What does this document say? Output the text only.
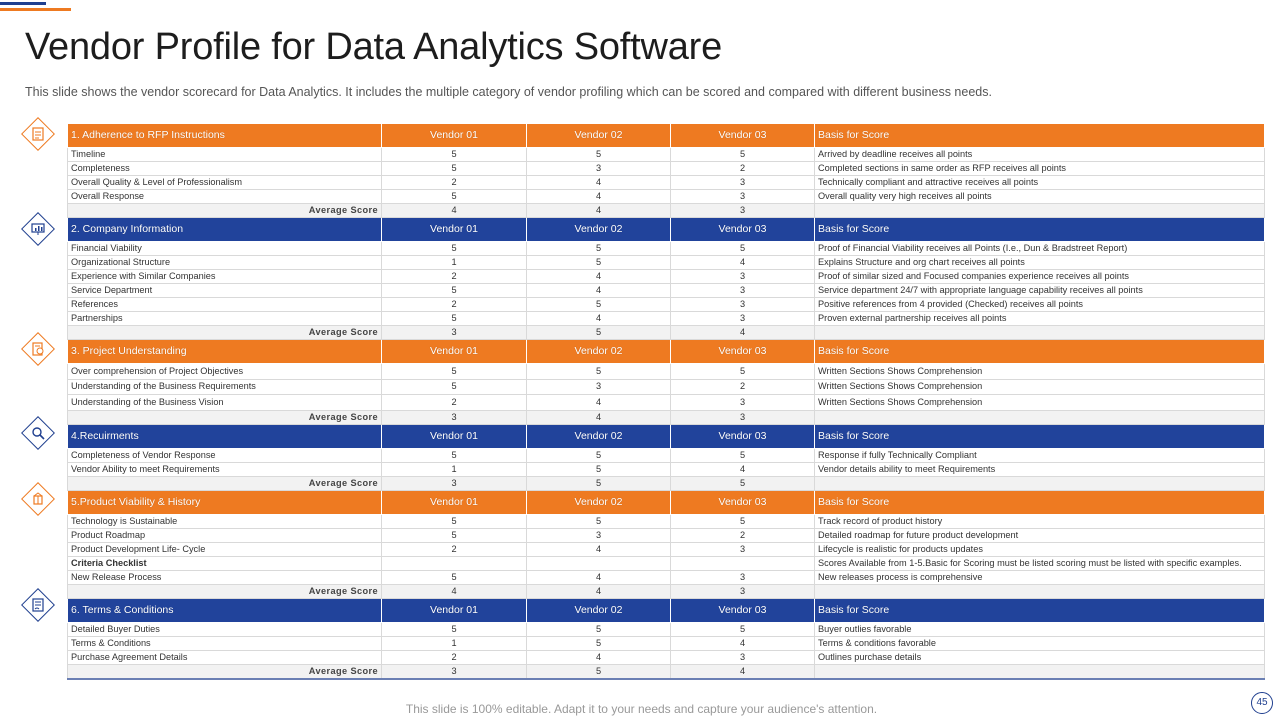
Vendor Profile for Data Analytics Software

This slide shows the vendor scorecard for Data Analytics. It includes the multiple category of vendor profiling which can be scored and compared with different business needs.

1. Adherence to RFP Instructions	Vendor 01	Vendor 02	Vendor 03	Basis for Score
Timeline	5	5	5	Arrived by deadline receives all points
Completeness	5	3	2	Completed sections in same order as RFP receives all points
Overall Quality & Level of Professionalism	2	4	3	Technically compliant and attractive receives all points
Overall Response	5	4	3	Overall quality very high receives all points
Average Score	4	4	3	
2. Company Information	Vendor 01	Vendor 02	Vendor 03	Basis for Score
Financial Viability	5	5	5	Proof of Financial Viability receives all Points (I.e., Dun & Bradstreet Report)
Organizational Structure	1	5	4	Explains Structure and org chart receives all points
Experience with Similar Companies	2	4	3	Proof of similar sized and Focused companies experience receives all points
Service Department	5	4	3	Service department 24/7 with appropriate language capability receives all points
References	2	5	3	Positive references from 4 provided (Checked) receives all points
Partnerships	5	4	3	Proven external partnership receives all points
Average Score	3	5	4	
3. Project Understanding	Vendor 01	Vendor 02	Vendor 03	Basis for Score
Over comprehension of Project Objectives	5	5	5	Written Sections Shows Comprehension
Understanding of the Business Requirements	5	3	2	Written Sections Shows Comprehension
Understanding of the Business Vision	2	4	3	Written Sections Shows Comprehension
Average Score	3	4	3	
4.Recuirments	Vendor 01	Vendor 02	Vendor 03	Basis for Score
Completeness of Vendor Response	5	5	5	Response if fully Technically Compliant
Vendor Ability to meet Requirements	1	5	4	Vendor details ability to meet Requirements
Average Score	3	5	5	
5.Product Viability & History	Vendor 01	Vendor 02	Vendor 03	Basis for Score
Technology is Sustainable	5	5	5	Track record of product history
Product Roadmap	5	3	2	Detailed roadmap for future product development
Product Development Life- Cycle	2	4	3	Lifecycle is realistic for products updates
Criteria Checklist				Scores Available from 1-5.Basic for Scoring must be listed scoring must be listed with specific examples.
New Release Process	5	4	3	New releases process is comprehensive
Average Score	4	4	3	
6. Terms & Conditions	Vendor 01	Vendor 02	Vendor 03	Basis for Score
Detailed Buyer Duties	5	5	5	Buyer outlies favorable
Terms & Conditions	1	5	4	Terms & conditions favorable
Purchase Agreement Details	2	4	3	Outlines purchase details
Average Score	3	5	4	
This slide is 100% editable. Adapt it to your needs and capture your audience's attention.	45
